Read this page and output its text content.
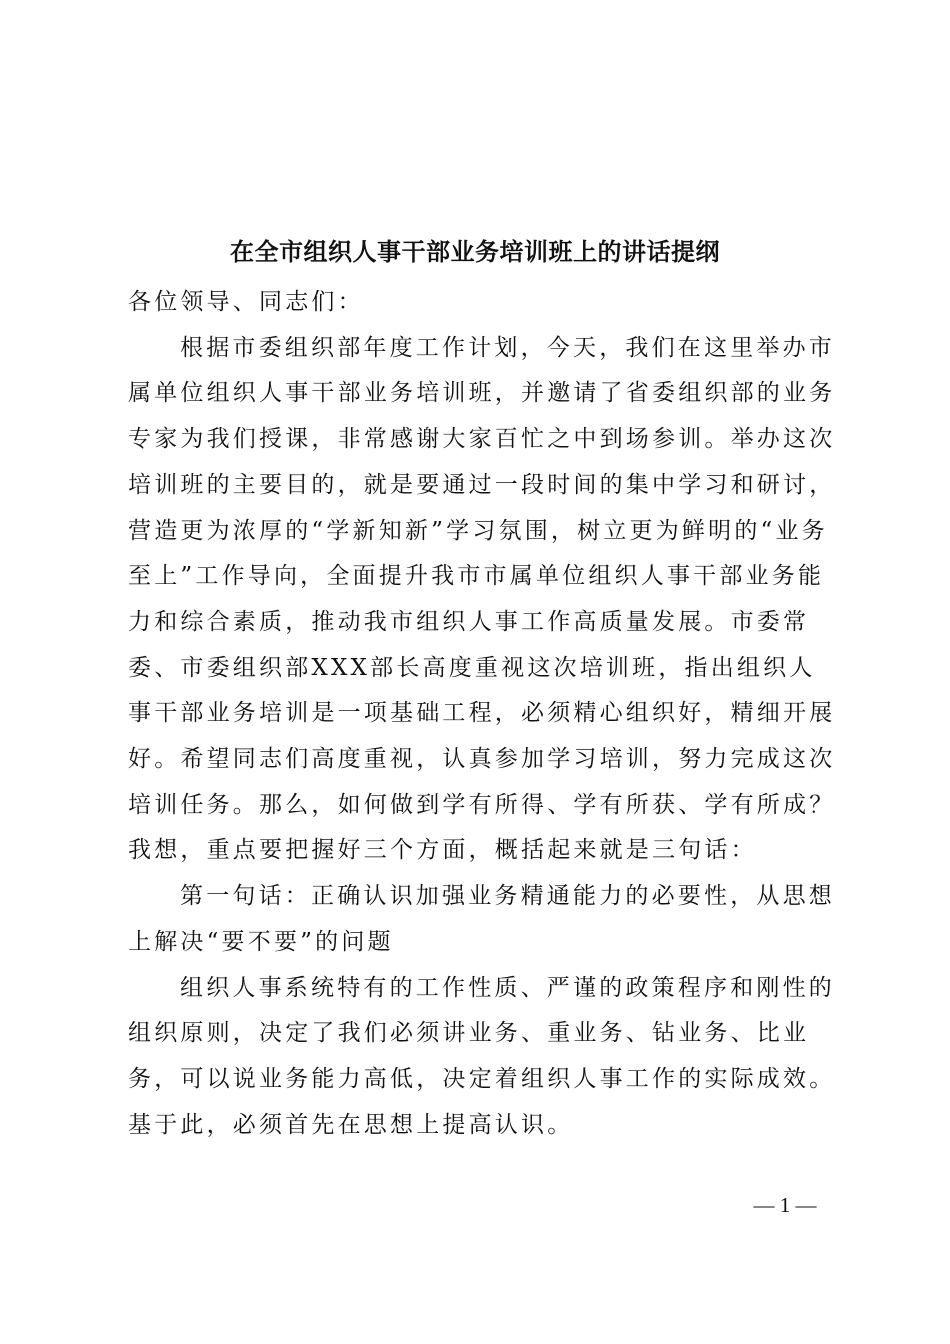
在全市组织人事干部业务培训班上的讲话提纲

各位领导、同志们：

根据市委组织部年度工作计划，今天，我们在这里举办市属单位组织人事干部业务培训班，并邀请了省委组织部的业务专家为我们授课，非常感谢大家百忙之中到场参训。举办这次培训班的主要目的，就是要通过一段时间的集中学习和研讨，营造更为浓厚的“学新知新”学习氛围，树立更为鲜明的“业务至上”工作导向，全面提升我市市属单位组织人事干部业务能力和综合素质，推动我市组织人事工作高质量发展。市委常委、市委组织部XXX部长高度重视这次培训班，指出组织人事干部业务培训是一项基础工程，必须精心组织好，精细开展好。希望同志们高度重视，认真参加学习培训，努力完成这次培训任务。那么，如何做到学有所得、学有所获、学有所成？我想，重点要把握好三个方面，概括起来就是三句话：

第一句话：正确认识加强业务精通能力的必要性，从思想上解决“要不要”的问题

组织人事系统特有的工作性质、严谨的政策程序和刚性的组织原则，决定了我们必须讲业务、重业务、钻业务、比业务，可以说业务能力高低，决定着组织人事工作的实际成效。基于此，必须首先在思想上提高认识。

— 1 —
